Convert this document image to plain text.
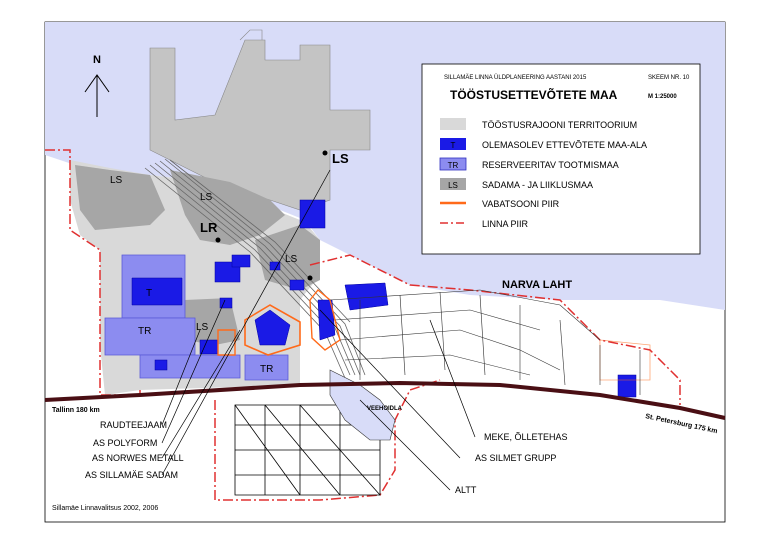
N
LS
LS
LS
LS
LS
LR
T
TR
TR
NARVA LAHT
Tallinn 180 km
St. Petersburg 175 km
VEEHOIDLA
RAUDTEEJAAM
AS POLYFORM
AS NORWES METALL
AS SILLAMÄE SADAM
MEKE, ÕLLETEHAS
AS SILMET GRUPP
ALTT
Sillamäe Linnavalitsus 2002, 2006
SILLAMÄE LINNA ÜLDPLANEERING AASTANI 2015	SKEEM NR. 10
TÖÖSTUSETTEVÕTETE MAA	M 1:25000
TÖÖSTUSRAJOONI TERRITOORIUM
T	OLEMASOLEV ETTEVÕTETE MAA-ALA
TR	RESERVEERITAV TOOTMISMAA
LS	SADAMA - JA LIIKLUSMAA
VABATSOONI PIIR
LINNA PIIR
